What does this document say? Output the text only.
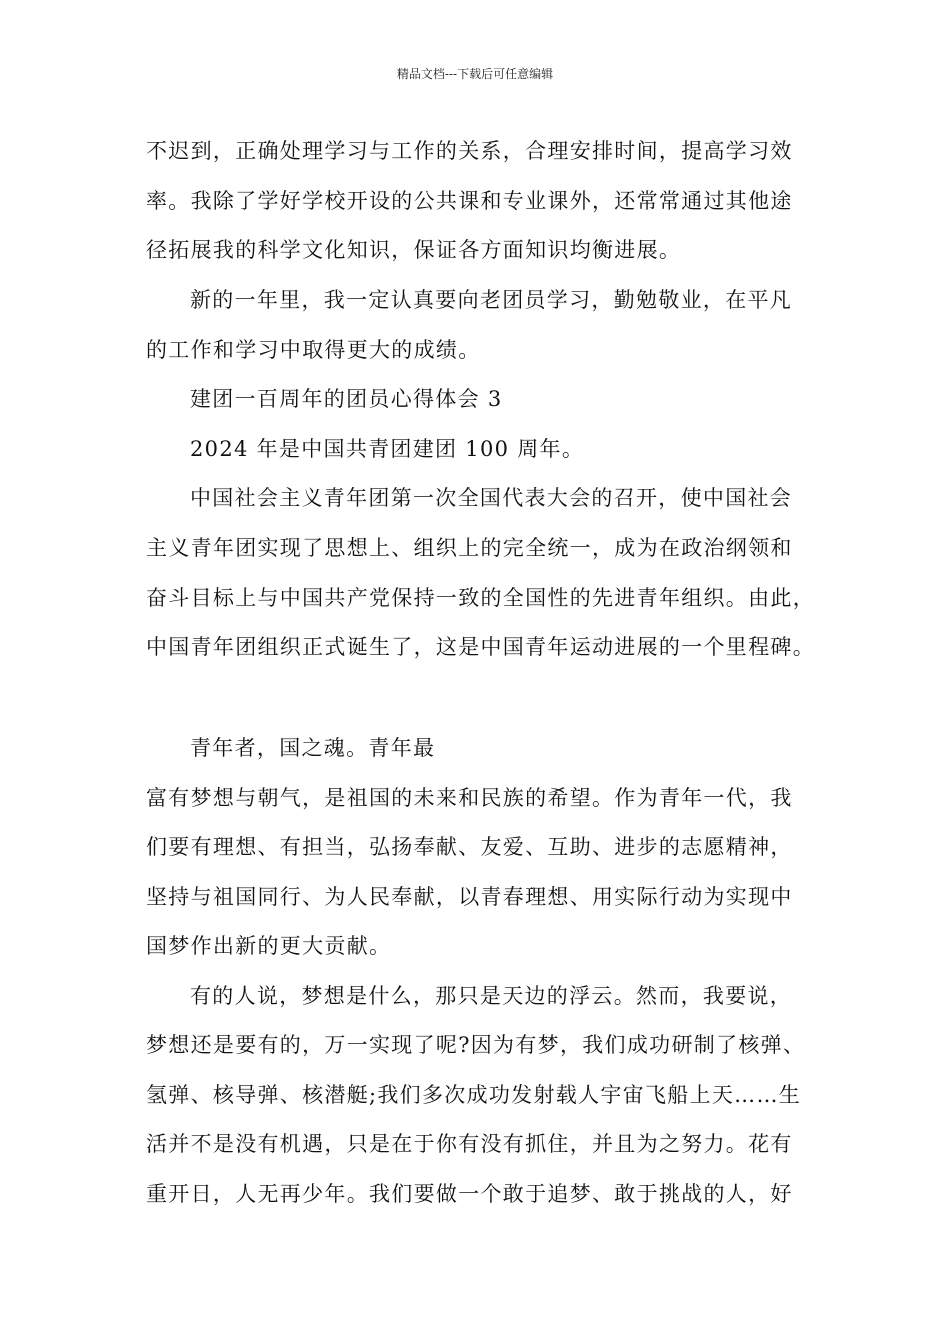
精品文档---下载后可任意编辑
不迟到，正确处理学习与工作的关系，合理安排时间，提高学习效
率。我除了学好学校开设的公共课和专业课外，还常常通过其他途
径拓展我的科学文化知识，保证各方面知识均衡进展。
新的一年里，我一定认真要向老团员学习，勤勉敬业，在平凡
的工作和学习中取得更大的成绩。
建团一百周年的团员心得体会 3
2024 年是中国共青团建团 100 周年。
中国社会主义青年团第一次全国代表大会的召开，使中国社会
主义青年团实现了思想上、组织上的完全统一，成为在政治纲领和
奋斗目标上与中国共产党保持一致的全国性的先进青年组织。由此，
中国青年团组织正式诞生了，这是中国青年运动进展的一个里程碑。
青年者，国之魂。青年最
富有梦想与朝气，是祖国的未来和民族的希望。作为青年一代，我
们要有理想、有担当，弘扬奉献、友爱、互助、进步的志愿精神，
坚持与祖国同行、为人民奉献，以青春理想、用实际行动为实现中
国梦作出新的更大贡献。
有的人说，梦想是什么，那只是天边的浮云。然而，我要说，
梦想还是要有的，万一实现了呢?因为有梦，我们成功研制了核弹、
氢弹、核导弹、核潜艇;我们多次成功发射载人宇宙飞船上天……生
活并不是没有机遇，只是在于你有没有抓住，并且为之努力。花有
重开日，人无再少年。我们要做一个敢于追梦、敢于挑战的人，好
